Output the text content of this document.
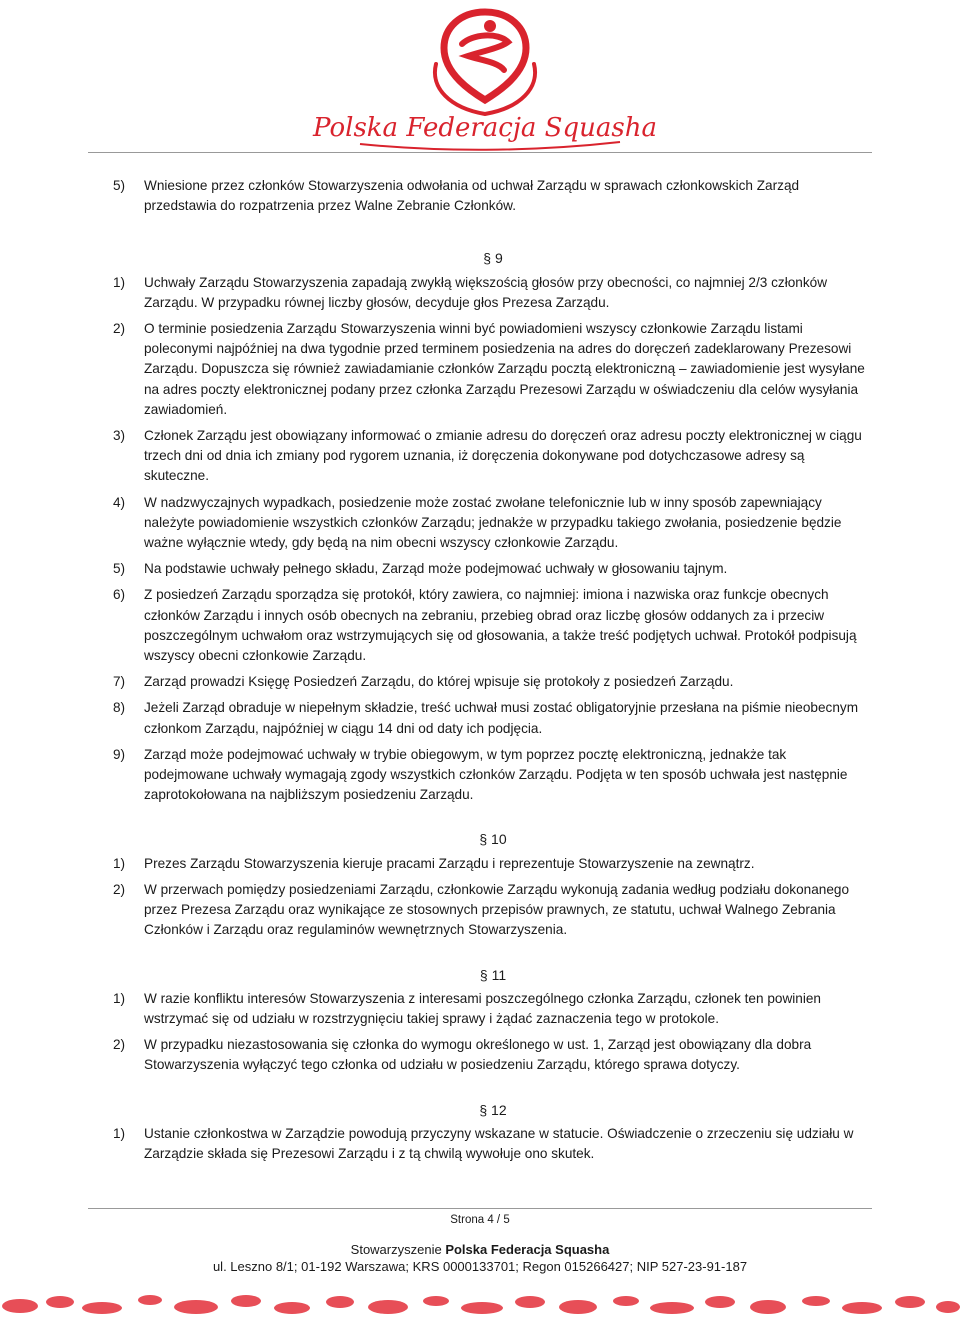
Polska Federacja Squasha
5) Wniesione przez członków Stowarzyszenia odwołania od uchwał Zarządu w sprawach członkowskich Zarząd przedstawia do rozpatrzenia przez Walne Zebranie Członków.
§ 9
1) Uchwały Zarządu Stowarzyszenia zapadają zwykłą większością głosów przy obecności, co najmniej 2/3 członków Zarządu. W przypadku równej liczby głosów, decyduje głos Prezesa Zarządu.
2) O terminie posiedzenia Zarządu Stowarzyszenia winni być powiadomieni wszyscy członkowie Zarządu listami poleconymi najpóźniej na dwa tygodnie przed terminem posiedzenia na adres do doręczeń zadeklarowany Prezesowi Zarządu. Dopuszcza się również zawiadamianie członków Zarządu pocztą elektroniczną – zawiadomienie jest wysyłane na adres poczty elektronicznej podany przez członka Zarządu Prezesowi Zarządu w oświadczeniu dla celów wysyłania zawiadomień.
3) Członek Zarządu jest obowiązany informować o zmianie adresu do doręczeń oraz adresu poczty elektronicznej w ciągu trzech dni od dnia ich zmiany pod rygorem uznania, iż doręczenia dokonywane pod dotychczasowe adresy są skuteczne.
4) W nadzwyczajnych wypadkach, posiedzenie może zostać zwołane telefonicznie lub w inny sposób zapewniający należyte powiadomienie wszystkich członków Zarządu; jednakże w przypadku takiego zwołania, posiedzenie będzie ważne wyłącznie wtedy, gdy będą na nim obecni wszyscy członkowie Zarządu.
5) Na podstawie uchwały pełnego składu, Zarząd może podejmować uchwały w głosowaniu tajnym.
6) Z posiedzeń Zarządu sporządza się protokół, który zawiera, co najmniej: imiona i nazwiska oraz funkcje obecnych członków Zarządu i innych osób obecnych na zebraniu, przebieg obrad oraz liczbę głosów oddanych za i przeciw poszczególnym uchwałom oraz wstrzymujących się od głosowania, a także treść podjętych uchwał. Protokół podpisują wszyscy obecni członkowie Zarządu.
7) Zarząd prowadzi Księgę Posiedzeń Zarządu, do której wpisuje się protokoły z posiedzeń Zarządu.
8) Jeżeli Zarząd obraduje w niepełnym składzie, treść uchwał musi zostać obligatoryjnie przesłana na piśmie nieobecnym członkom Zarządu, najpóźniej w ciągu 14 dni od daty ich podjęcia.
9) Zarząd może podejmować uchwały w trybie obiegowym, w tym poprzez pocztę elektroniczną, jednakże tak podejmowane uchwały wymagają zgody wszystkich członków Zarządu. Podjęta w ten sposób uchwała jest następnie zaprotokołowana na najbliższym posiedzeniu Zarządu.
§ 10
1) Prezes Zarządu Stowarzyszenia kieruje pracami Zarządu i reprezentuje Stowarzyszenie na zewnątrz.
2) W przerwach pomiędzy posiedzeniami Zarządu, członkowie Zarządu wykonują zadania według podziału dokonanego przez Prezesa Zarządu oraz wynikające ze stosownych przepisów prawnych, ze statutu, uchwał Walnego Zebrania Członków i Zarządu oraz regulaminów wewnętrznych Stowarzyszenia.
§ 11
1) W razie konfliktu interesów Stowarzyszenia z interesami poszczególnego członka Zarządu, członek ten powinien wstrzymać się od udziału w rozstrzygnięciu takiej sprawy i żądać zaznaczenia tego w protokole.
2) W przypadku niezastosowania się członka do wymogu określonego w ust. 1, Zarząd jest obowiązany dla dobra Stowarzyszenia wyłączyć tego członka od udziału w posiedzeniu Zarządu, którego sprawa dotyczy.
§ 12
1) Ustanie członkostwa w Zarządzie powodują przyczyny wskazane w statucie. Oświadczenie o zrzeczeniu się udziału w Zarządzie składa się Prezesowi Zarządu i z tą chwilą wywołuje ono skutek.
Strona 4 / 5
Stowarzyszenie Polska Federacja Squasha
ul. Leszno 8/1; 01-192 Warszawa; KRS 0000133701; Regon 015266427; NIP 527-23-91-187
